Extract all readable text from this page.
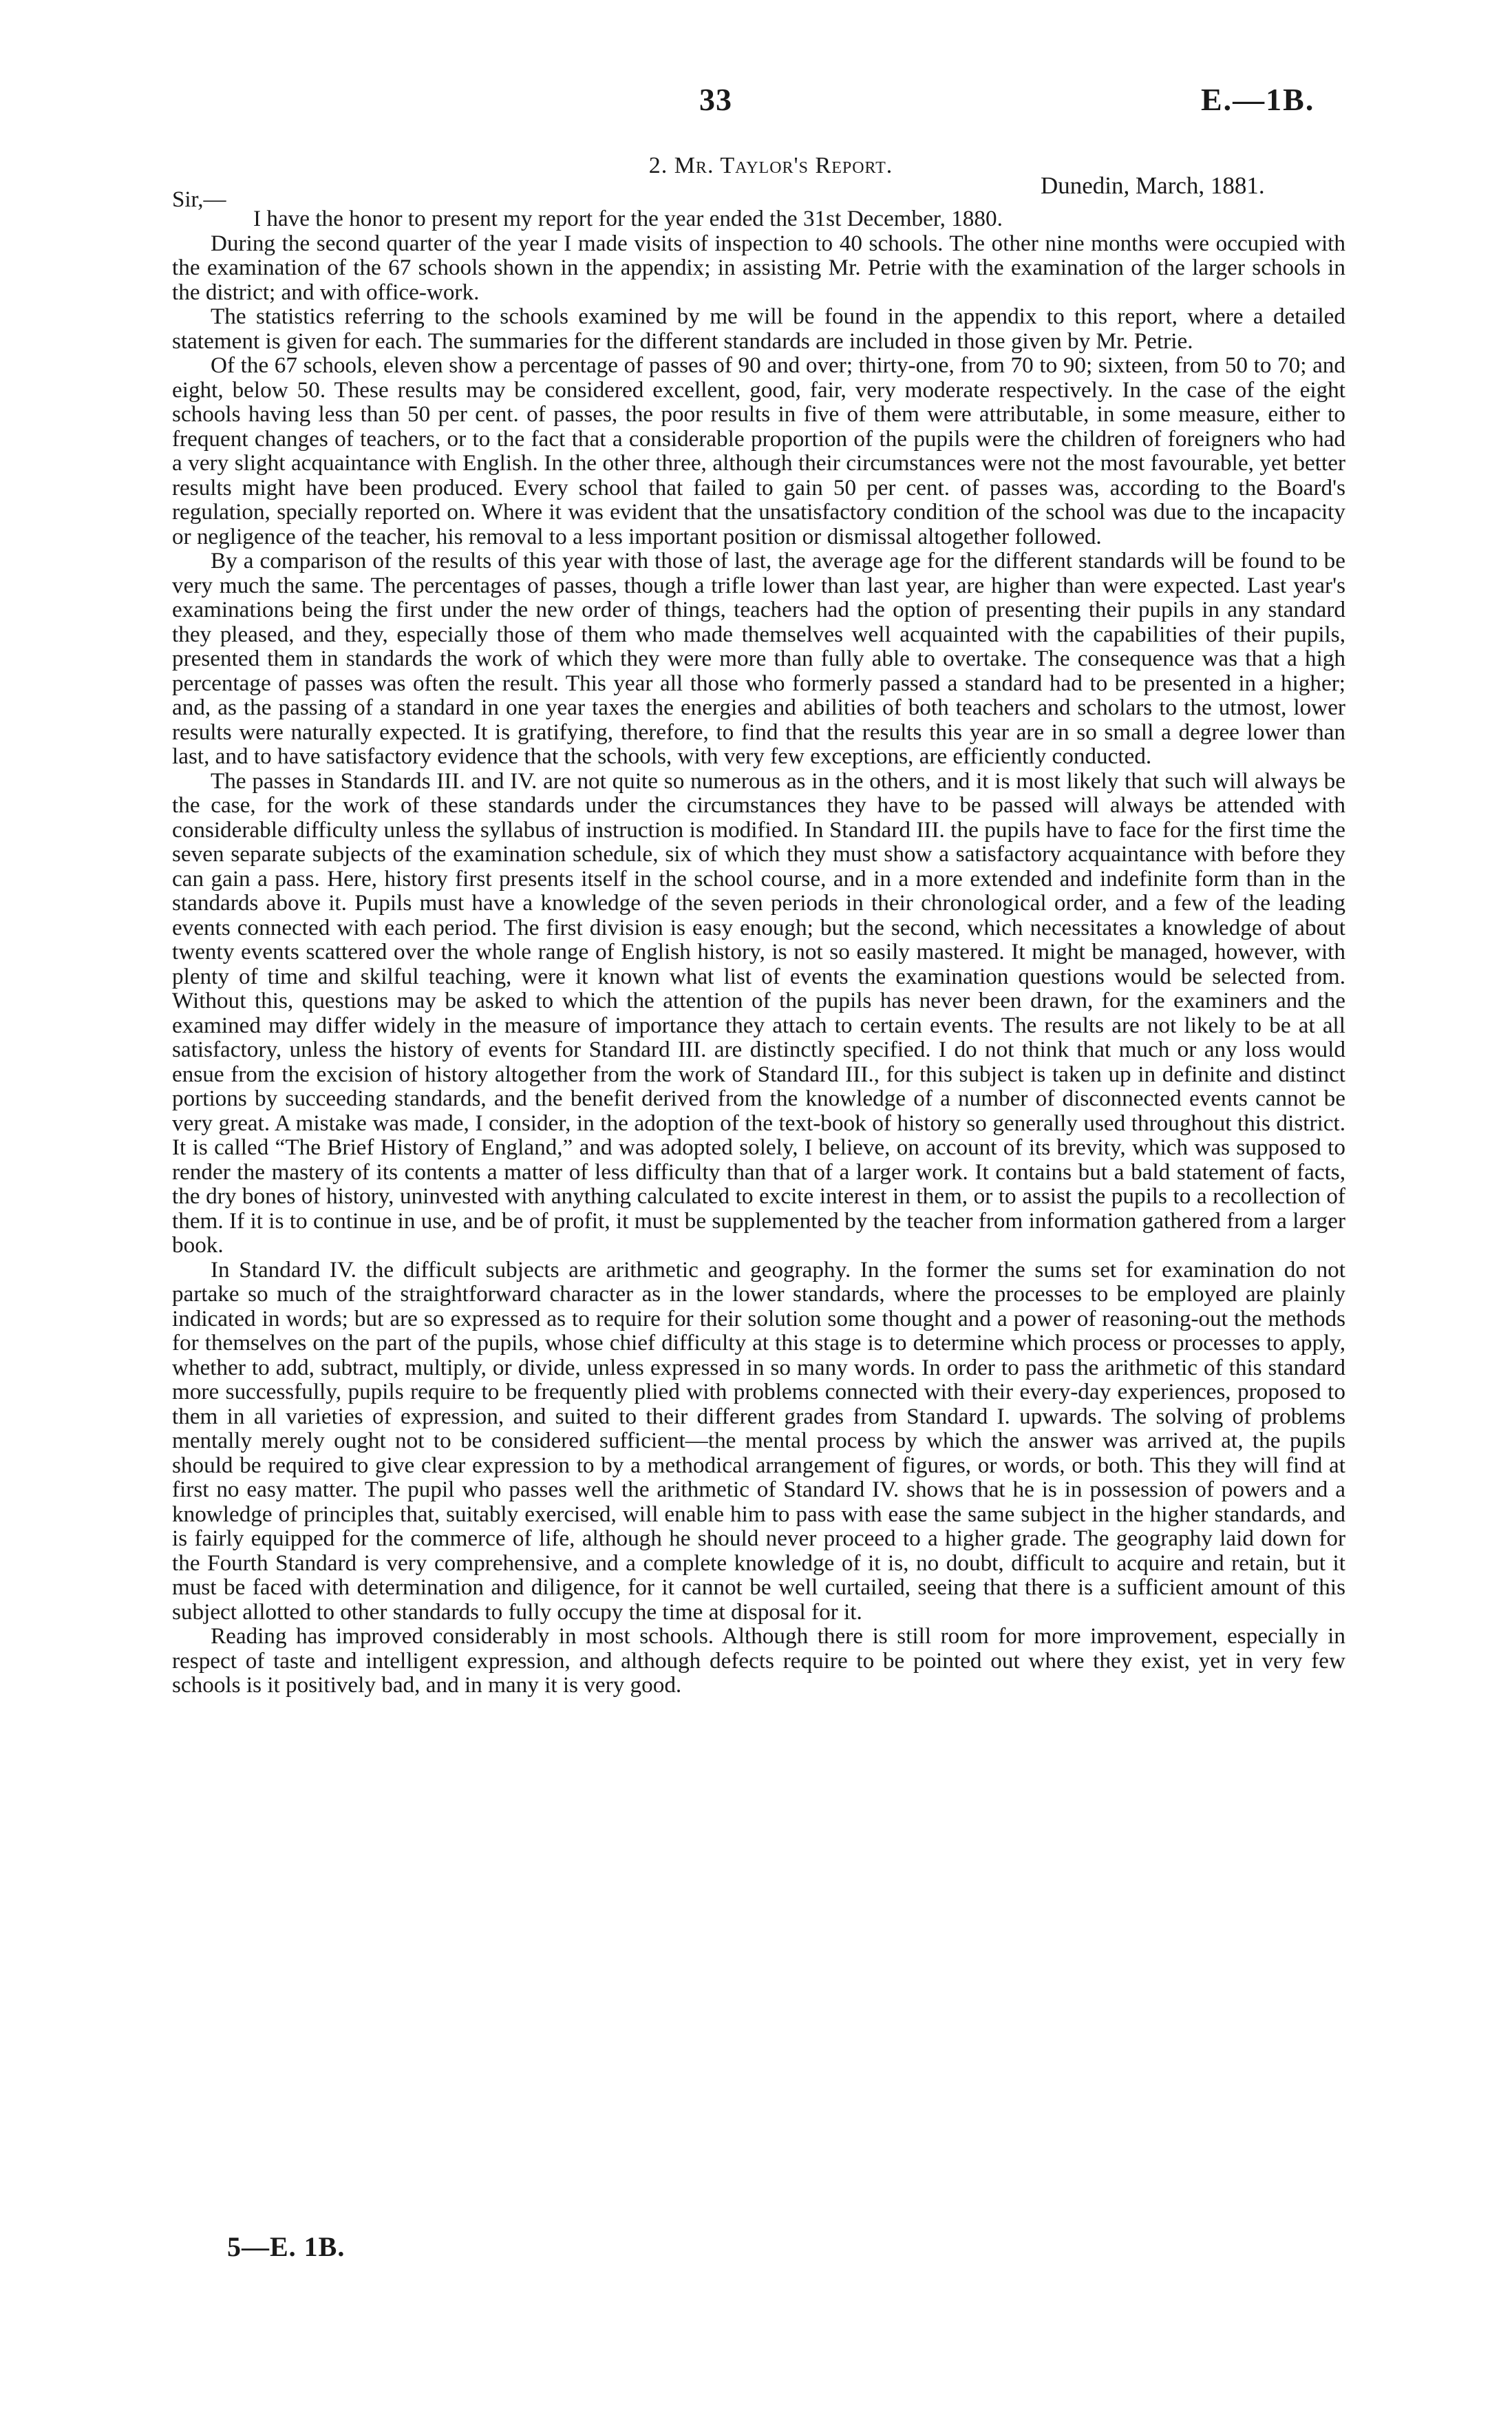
33	E.—1B.
2. Mr. Taylor's Report.
Dunedin, March, 1881.
Sir,—

I have the honor to present my report for the year ended the 31st December, 1880.

During the second quarter of the year I made visits of inspection to 40 schools. The other nine months were occupied with the examination of the 67 schools shown in the appendix; in assisting Mr. Petrie with the examination of the larger schools in the district; and with office-work.

The statistics referring to the schools examined by me will be found in the appendix to this report, where a detailed statement is given for each. The summaries for the different standards are included in those given by Mr. Petrie.

Of the 67 schools, eleven show a percentage of passes of 90 and over; thirty-one, from 70 to 90; sixteen, from 50 to 70; and eight, below 50. These results may be considered excellent, good, fair, very moderate respectively. In the case of the eight schools having less than 50 per cent. of passes, the poor results in five of them were attributable, in some measure, either to frequent changes of teachers, or to the fact that a considerable proportion of the pupils were the children of foreigners who had a very slight acquaintance with English. In the other three, although their circumstances were not the most favourable, yet better results might have been produced. Every school that failed to gain 50 per cent. of passes was, according to the Board's regulation, specially reported on. Where it was evident that the unsatisfactory condition of the school was due to the incapacity or negligence of the teacher, his removal to a less important position or dismissal altogether followed.

By a comparison of the results of this year with those of last, the average age for the different standards will be found to be very much the same. The percentages of passes, though a trifle lower than last year, are higher than were expected. Last year's examinations being the first under the new order of things, teachers had the option of presenting their pupils in any standard they pleased, and they, especially those of them who made themselves well acquainted with the capabilities of their pupils, presented them in standards the work of which they were more than fully able to overtake. The consequence was that a high percentage of passes was often the result. This year all those who formerly passed a standard had to be presented in a higher; and, as the passing of a standard in one year taxes the energies and abilities of both teachers and scholars to the utmost, lower results were naturally expected. It is gratifying, therefore, to find that the results this year are in so small a degree lower than last, and to have satisfactory evidence that the schools, with very few exceptions, are efficiently conducted.

The passes in Standards III. and IV. are not quite so numerous as in the others, and it is most likely that such will always be the case, for the work of these standards under the circumstances they have to be passed will always be attended with considerable difficulty unless the syllabus of instruction is modified. In Standard III. the pupils have to face for the first time the seven separate subjects of the examination schedule, six of which they must show a satisfactory acquaintance with before they can gain a pass. Here, history first presents itself in the school course, and in a more extended and indefinite form than in the standards above it. Pupils must have a knowledge of the seven periods in their chronological order, and a few of the leading events connected with each period. The first division is easy enough; but the second, which necessitates a knowledge of about twenty events scattered over the whole range of English history, is not so easily mastered. It might be managed, however, with plenty of time and skilful teaching, were it known what list of events the examination questions would be selected from. Without this, questions may be asked to which the attention of the pupils has never been drawn, for the examiners and the examined may differ widely in the measure of importance they attach to certain events. The results are not likely to be at all satisfactory, unless the history of events for Standard III. are distinctly specified. I do not think that much or any loss would ensue from the excision of history altogether from the work of Standard III., for this subject is taken up in definite and distinct portions by succeeding standards, and the benefit derived from the knowledge of a number of disconnected events cannot be very great. A mistake was made, I consider, in the adoption of the text-book of history so generally used throughout this district. It is called “The Brief History of England,” and was adopted solely, I believe, on account of its brevity, which was supposed to render the mastery of its contents a matter of less difficulty than that of a larger work. It contains but a bald statement of facts, the dry bones of history, uninvested with anything calculated to excite interest in them, or to assist the pupils to a recollection of them. If it is to continue in use, and be of profit, it must be supplemented by the teacher from information gathered from a larger book.

In Standard IV. the difficult subjects are arithmetic and geography. In the former the sums set for examination do not partake so much of the straightforward character as in the lower standards, where the processes to be employed are plainly indicated in words; but are so expressed as to require for their solution some thought and a power of reasoning-out the methods for themselves on the part of the pupils, whose chief difficulty at this stage is to determine which process or processes to apply, whether to add, subtract, multiply, or divide, unless expressed in so many words. In order to pass the arithmetic of this standard more successfully, pupils require to be frequently plied with problems connected with their every-day experiences, proposed to them in all varieties of expression, and suited to their different grades from Standard I. upwards. The solving of problems mentally merely ought not to be considered sufficient—the mental process by which the answer was arrived at, the pupils should be required to give clear expression to by a methodical arrangement of figures, or words, or both. This they will find at first no easy matter. The pupil who passes well the arithmetic of Standard IV. shows that he is in possession of powers and a knowledge of principles that, suitably exercised, will enable him to pass with ease the same subject in the higher standards, and is fairly equipped for the commerce of life, although he should never proceed to a higher grade. The geography laid down for the Fourth Standard is very comprehensive, and a complete knowledge of it is, no doubt, difficult to acquire and retain, but it must be faced with determination and diligence, for it cannot be well curtailed, seeing that there is a sufficient amount of this subject allotted to other standards to fully occupy the time at disposal for it.

Reading has improved considerably in most schools. Although there is still room for more improvement, especially in respect of taste and intelligent expression, and although defects require to be pointed out where they exist, yet in very few schools is it positively bad, and in many it is very good.

5—E. 1B.
